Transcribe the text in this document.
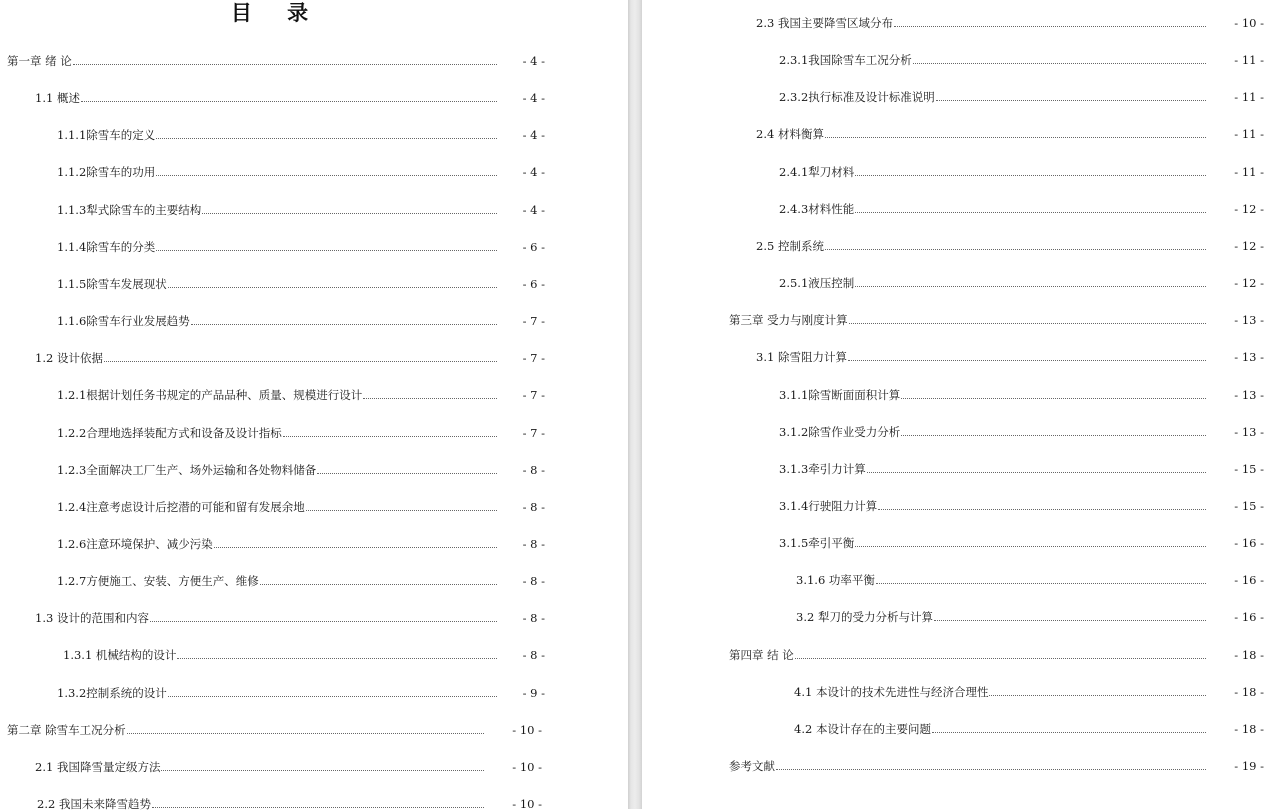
目 录
第一章 绪 论	- 4 -
1.1 概述	- 4 -
1.1.1除雪车的定义	- 4 -
1.1.2除雪车的功用	- 4 -
1.1.3犁式除雪车的主要结构	- 4 -
1.1.4除雪车的分类	- 6 -
1.1.5除雪车发展现状	- 6 -
1.1.6除雪车行业发展趋势	- 7 -
1.2 设计依据	- 7 -
1.2.1根据计划任务书规定的产品品种、质量、规模进行设计	- 7 -
1.2.2合理地选择装配方式和设备及设计指标	- 7 -
1.2.3全面解决工厂生产、场外运输和各处物料储备	- 8 -
1.2.4注意考虑设计后挖潜的可能和留有发展余地	- 8 -
1.2.6注意环境保护、减少污染	- 8 -
1.2.7方便施工、安装、方便生产、维修	- 8 -
1.3 设计的范围和内容	- 8 -
1.3.1 机械结构的设计	- 8 -
1.3.2控制系统的设计	- 9 -
第二章 除雪车工况分析	- 10 -
2.1 我国降雪量定级方法	- 10 -
2.2 我国未来降雪趋势	- 10 -
2.3 我国主要降雪区域分布	- 10 -
2.3.1我国除雪车工况分析	- 11 -
2.3.2执行标准及设计标准说明	- 11 -
2.4 材料衡算	- 11 -
2.4.1犁刀材料	- 11 -
2.4.3材料性能	- 12 -
2.5 控制系统	- 12 -
2.5.1液压控制	- 12 -
第三章 受力与刚度计算	- 13 -
3.1 除雪阻力计算	- 13 -
3.1.1除雪断面面积计算	- 13 -
3.1.2除雪作业受力分析	- 13 -
3.1.3牵引力计算	- 15 -
3.1.4行驶阻力计算	- 15 -
3.1.5牵引平衡	- 16 -
3.1.6 功率平衡	- 16 -
3.2 犁刀的受力分析与计算	- 16 -
第四章 结 论	- 18 -
4.1 本设计的技术先进性与经济合理性	- 18 -
4.2 本设计存在的主要问题	- 18 -
参考文献	- 19 -
